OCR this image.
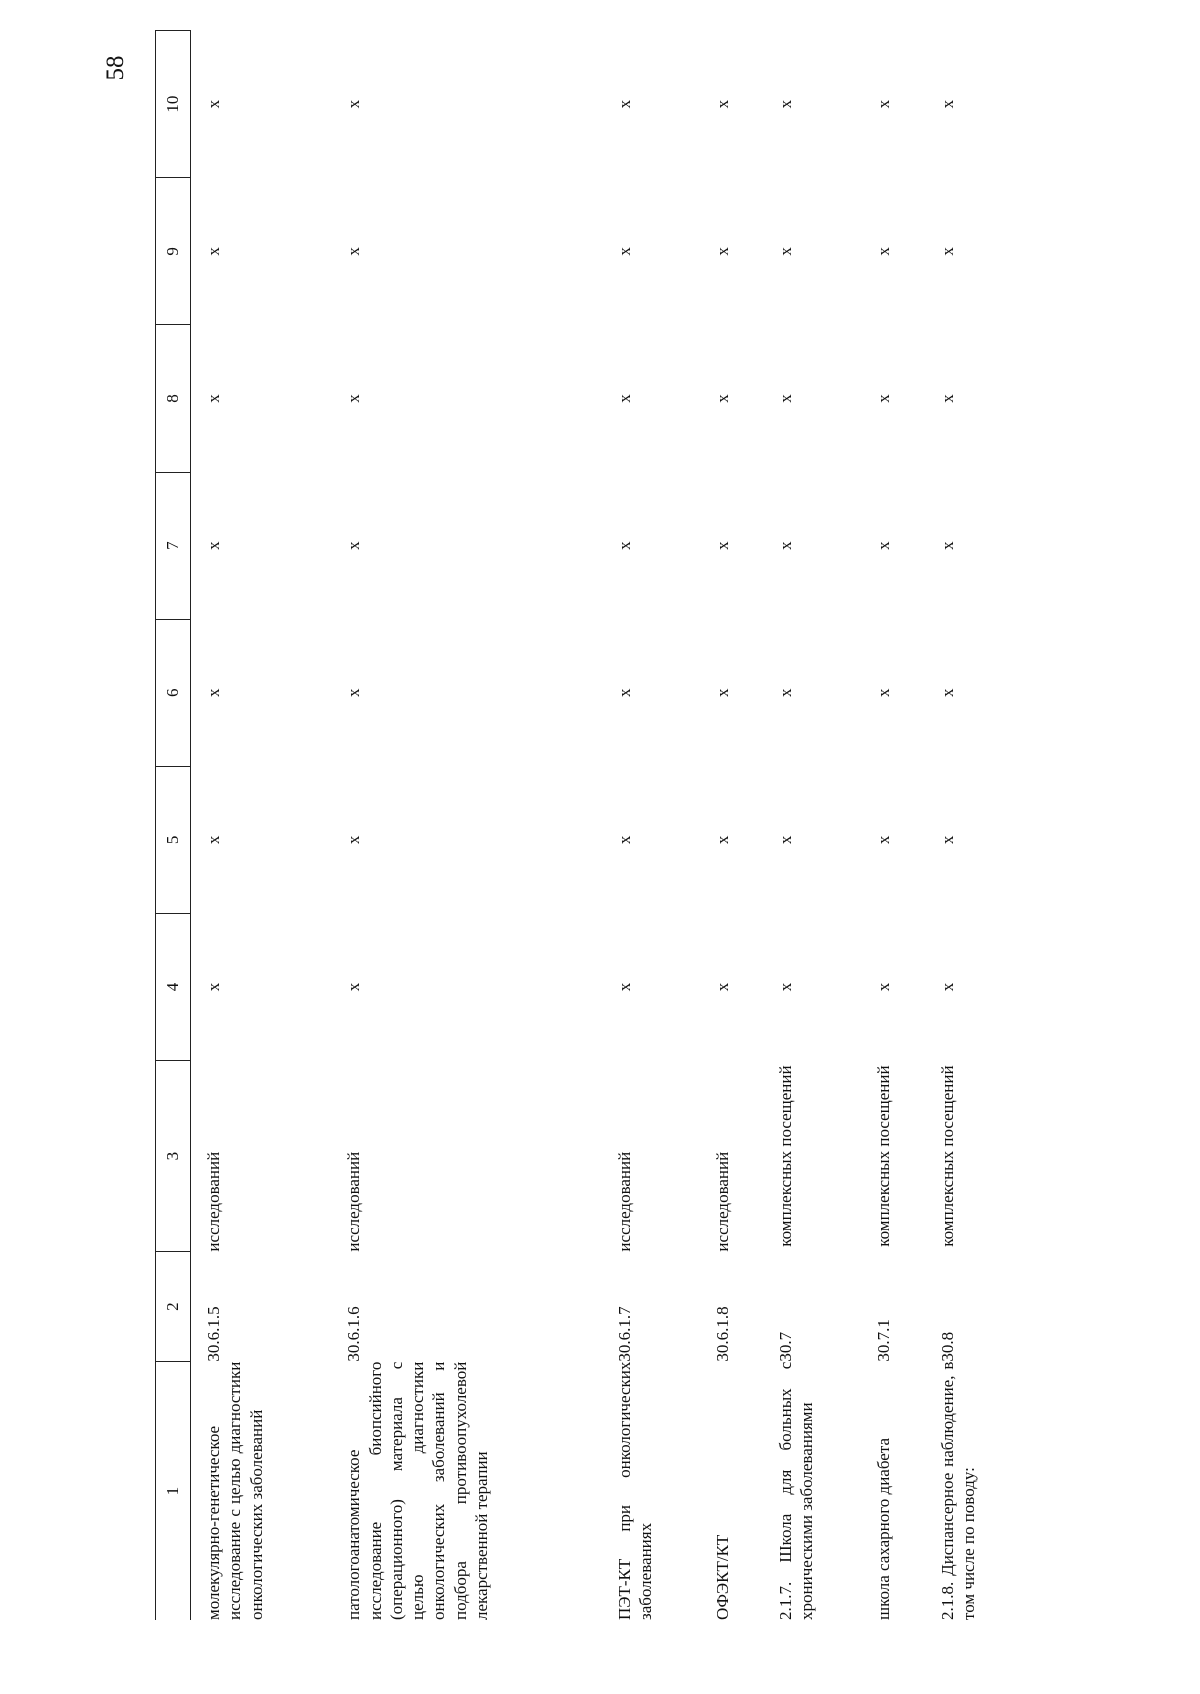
58
1	2	3	4	5	6	7	8	9	10
молекулярно-генетическое исследование с целью диагностики онкологических заболеваний	30.6.1.5	исследований	x	x	x	x	x	x	x
патологоанатомическое исследование биопсийного (операционного) материала с целью диагностики онкологических заболеваний и подбора противоопухолевой лекарственной терапии	30.6.1.6	исследований	x	x	x	x	x	x	x
ПЭТ-КТ при онкологических заболеваниях	30.6.1.7	исследований	x	x	x	x	x	x	x
ОФЭКТ/КТ	30.6.1.8	исследований	x	x	x	x	x	x	x
2.1.7. Школа для больных с хроническими заболеваниями	30.7	комплексных посещений	x	x	x	x	x	x	x
школа сахарного диабета	30.7.1	комплексных посещений	x	x	x	x	x	x	x
2.1.8. Диспансерное наблюдение, в том числе по поводу:	30.8	комплексных посещений	x	x	x	x	x	x	x
